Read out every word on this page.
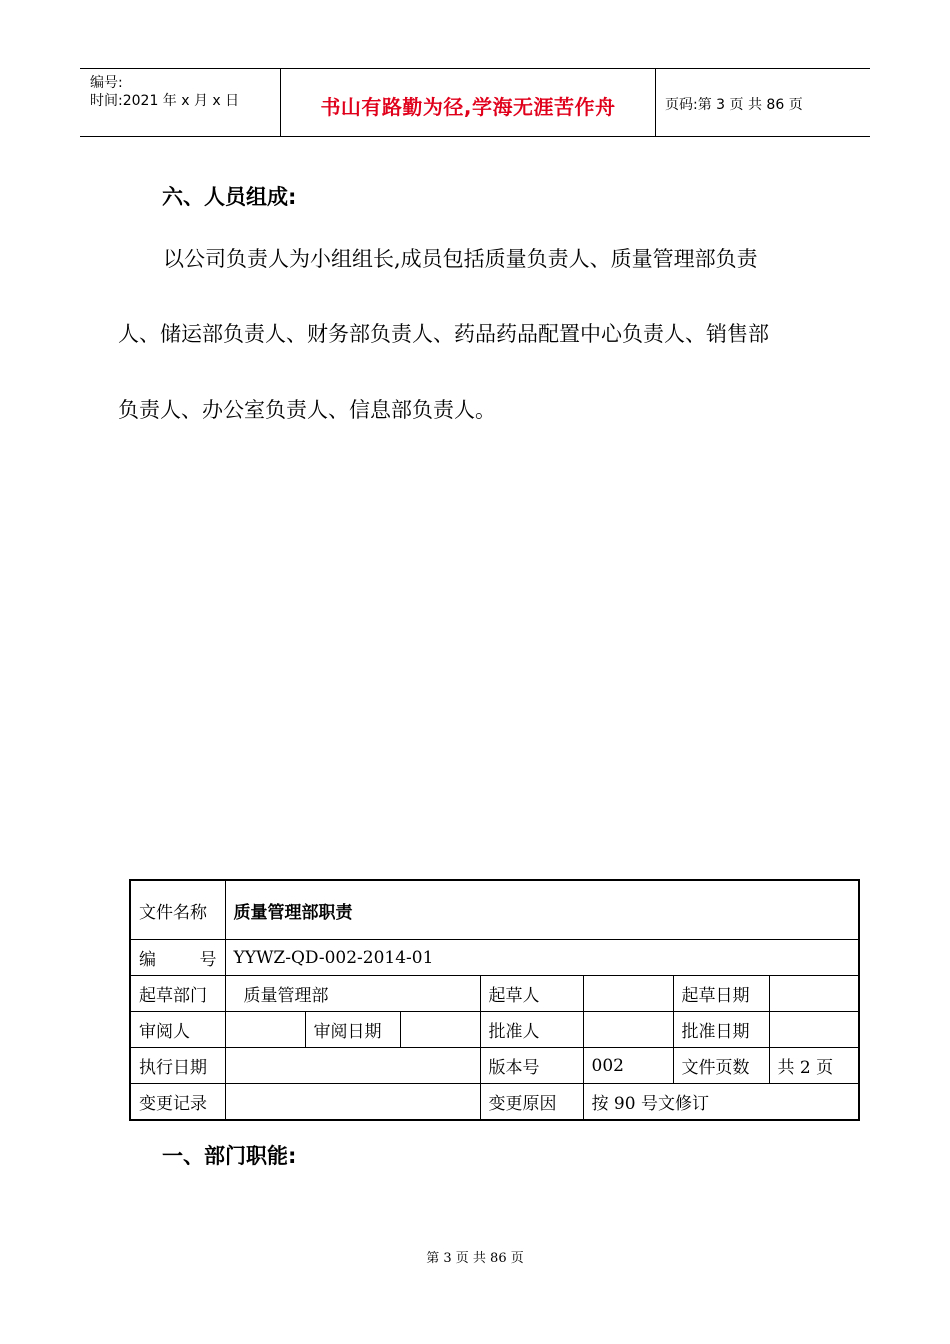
编号:
时间:2021 年 x 月 x 日	书山有路勤为径,学海无涯苦作舟	页码:第 3 页 共 86 页
六、人员组成:
以公司负责人为小组组长,成员包括质量负责人、质量管理部负责
人、储运部负责人、财务部负责人、药品药品配置中心负责人、销售部
负责人、办公室负责人、信息部负责人。
文件名称	质量管理部职责						

编 号	YYWZ-QD-002-2014-01						
起草部门	质量管理部			起草人		起草日期	
审阅人		审阅日期		批准人		批准日期	
执行日期				版本号	002	文件页数	共 2 页
变更记录				变更原因	按 90 号文修订		
一、部门职能:
第 3 页 共 86 页
